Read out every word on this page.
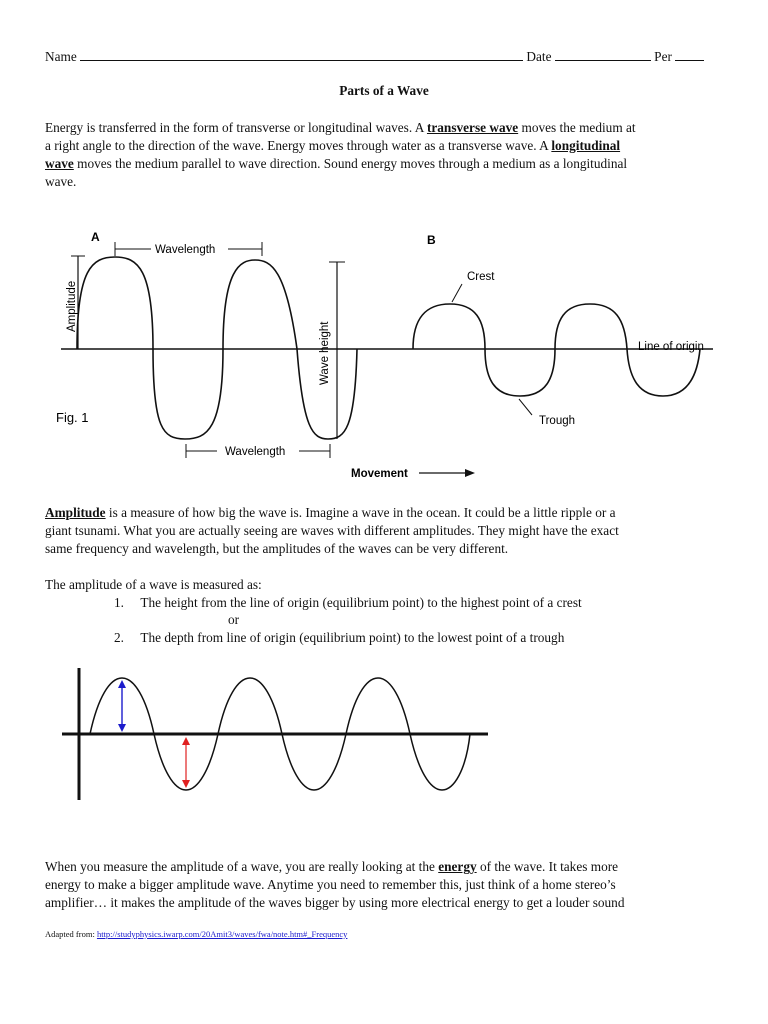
Name	Date	Per
Parts of a Wave
Energy is transferred in the form of transverse or longitudinal waves. A transverse wave moves the medium at
a right angle to the direction of the wave. Energy moves through water as a transverse wave. A longitudinal
wave moves the medium parallel to wave direction. Sound energy moves through a medium as a longitudinal
wave.
Wavelength
Amplitude
A
Wave height
Wavelength
Fig. 1
B
Crest
Trough
Line of origin
Movement
Amplitude is a measure of how big the wave is. Imagine a wave in the ocean. It could be a little ripple or a
giant tsunami. What you are actually seeing are waves with different amplitudes. They might have the exact
same frequency and wavelength, but the amplitudes of the waves can be very different.
The amplitude of a wave is measured as:
1. The height from the line of origin (equilibrium point) to the highest point of a crest
or
2. The depth from line of origin (equilibrium point) to the lowest point of a trough
When you measure the amplitude of a wave, you are really looking at the energy of the wave. It takes more
energy to make a bigger amplitude wave. Anytime you need to remember this, just think of a home stereo’s
amplifier… it makes the amplitude of the waves bigger by using more electrical energy to get a louder sound
Adapted from: http://studyphysics.iwarp.com/20Amit3/waves/fwa/note.htm#_Frequency
